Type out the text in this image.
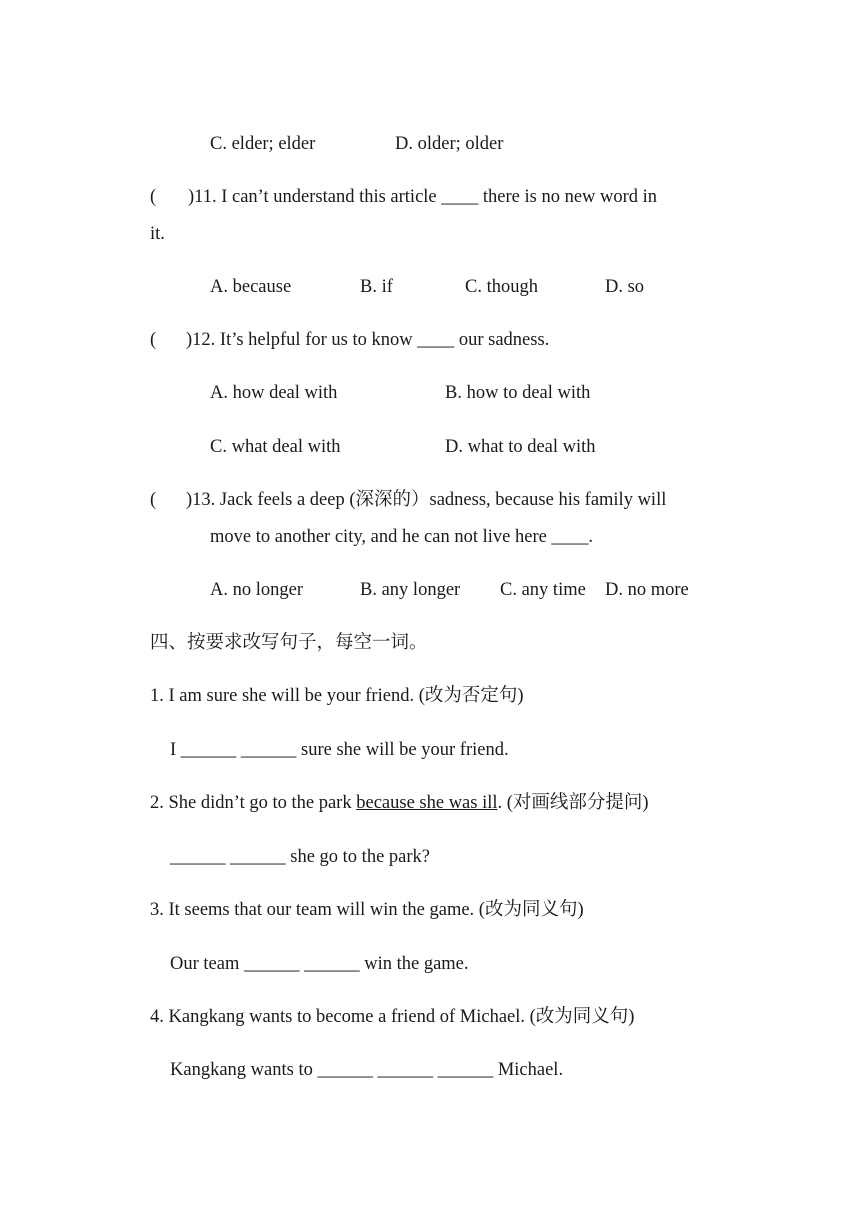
C. elder; elder	D. older; older
( )11. I can’t understand this article ____ there is no new word in
it.
A. because	B. if	C. though	D. so
( )12. It’s helpful for us to know ____ our sadness.
A. how deal with	B. how to deal with
C. what deal with	D. what to deal with
( )13. Jack feels a deep (深深的）sadness, because his family will
move to another city, and he can not live here ____.
A. no longer	B. any longer C. any time D. no more
四、按要求改写句子，每空一词。
1. I am sure she will be your friend. (改为否定句)
I ______ ______ sure she will be your friend.
2. She didn’t go to the park because she was ill. (对画线部分提问)
______ ______ she go to the park?
3. It seems that our team will win the game. (改为同义句)
Our team ______ ______ win the game.
4. Kangkang wants to become a friend of Michael. (改为同义句)
Kangkang wants to ______ ______ ______ Michael.
